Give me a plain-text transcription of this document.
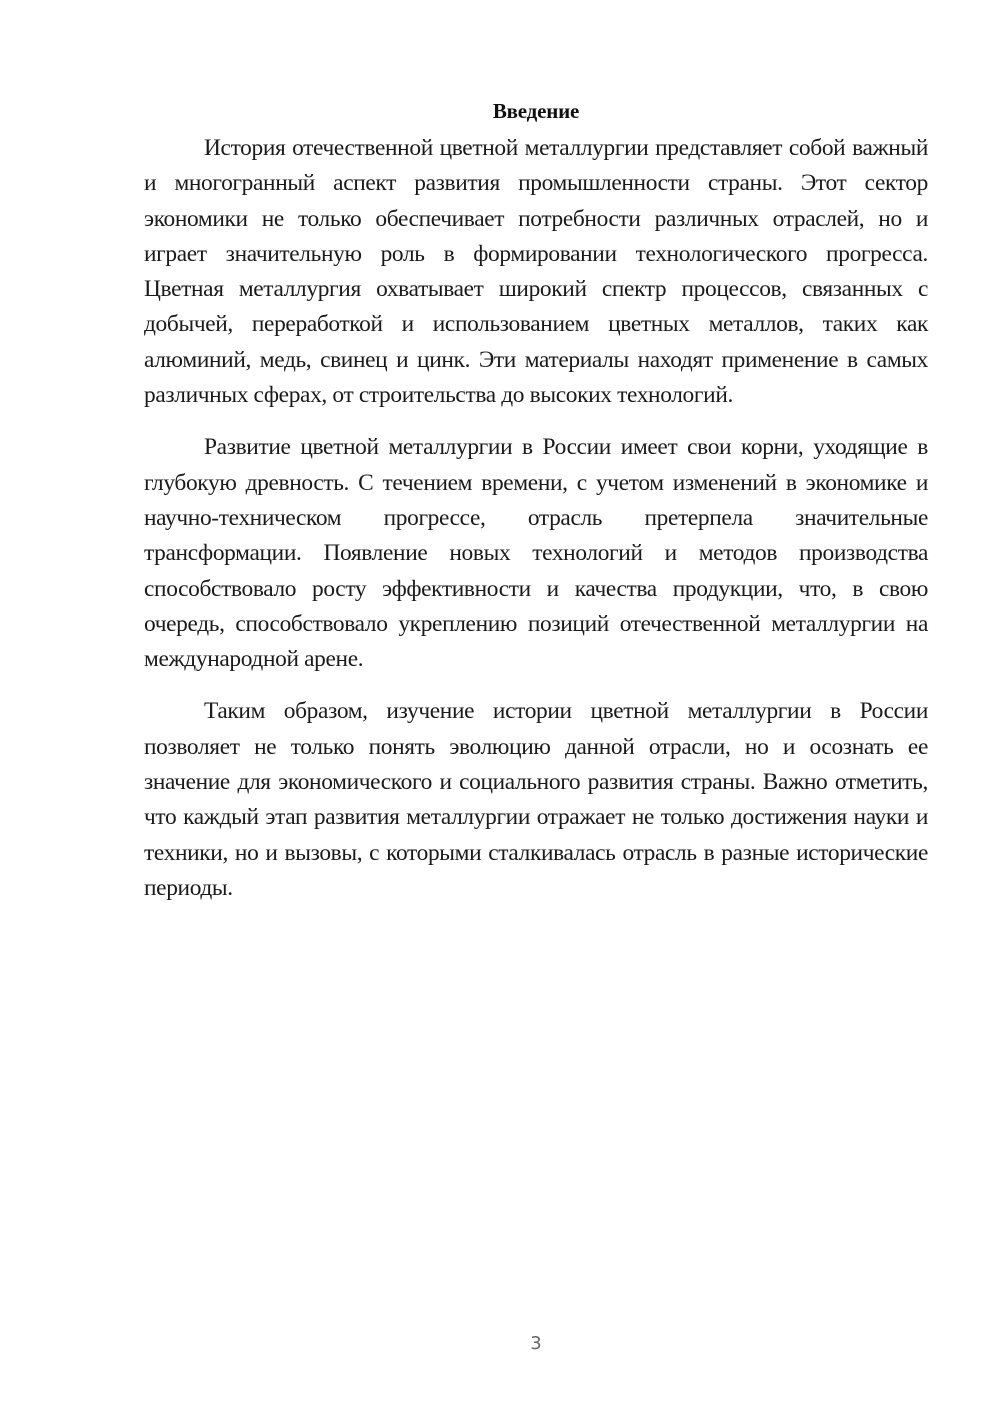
Введение

История отечественной цветной металлургии представляет собой важный и многогранный аспект развития промышленности страны. Этот сектор экономики не только обеспечивает потребности различных отраслей, но и играет значительную роль в формировании технологического прогресса. Цветная металлургия охватывает широкий спектр процессов, связанных с добычей, переработкой и использованием цветных металлов, таких как алюминий, медь, свинец и цинк. Эти материалы находят применение в самых различных сферах, от строительства до высоких технологий.

Развитие цветной металлургии в России имеет свои корни, уходящие в глубокую древность. С течением времени, с учетом изменений в экономике и научно-техническом прогрессе, отрасль претерпела значительные трансформации. Появление новых технологий и методов производства способствовало росту эффективности и качества продукции, что, в свою очередь, способствовало укреплению позиций отечественной металлургии на международной арене.

Таким образом, изучение истории цветной металлургии в России позволяет не только понять эволюцию данной отрасли, но и осознать ее значение для экономического и социального развития страны. Важно отметить, что каждый этап развития металлургии отражает не только достижения науки и техники, но и вызовы, с которыми сталкивалась отрасль в разные исторические периоды.

3
